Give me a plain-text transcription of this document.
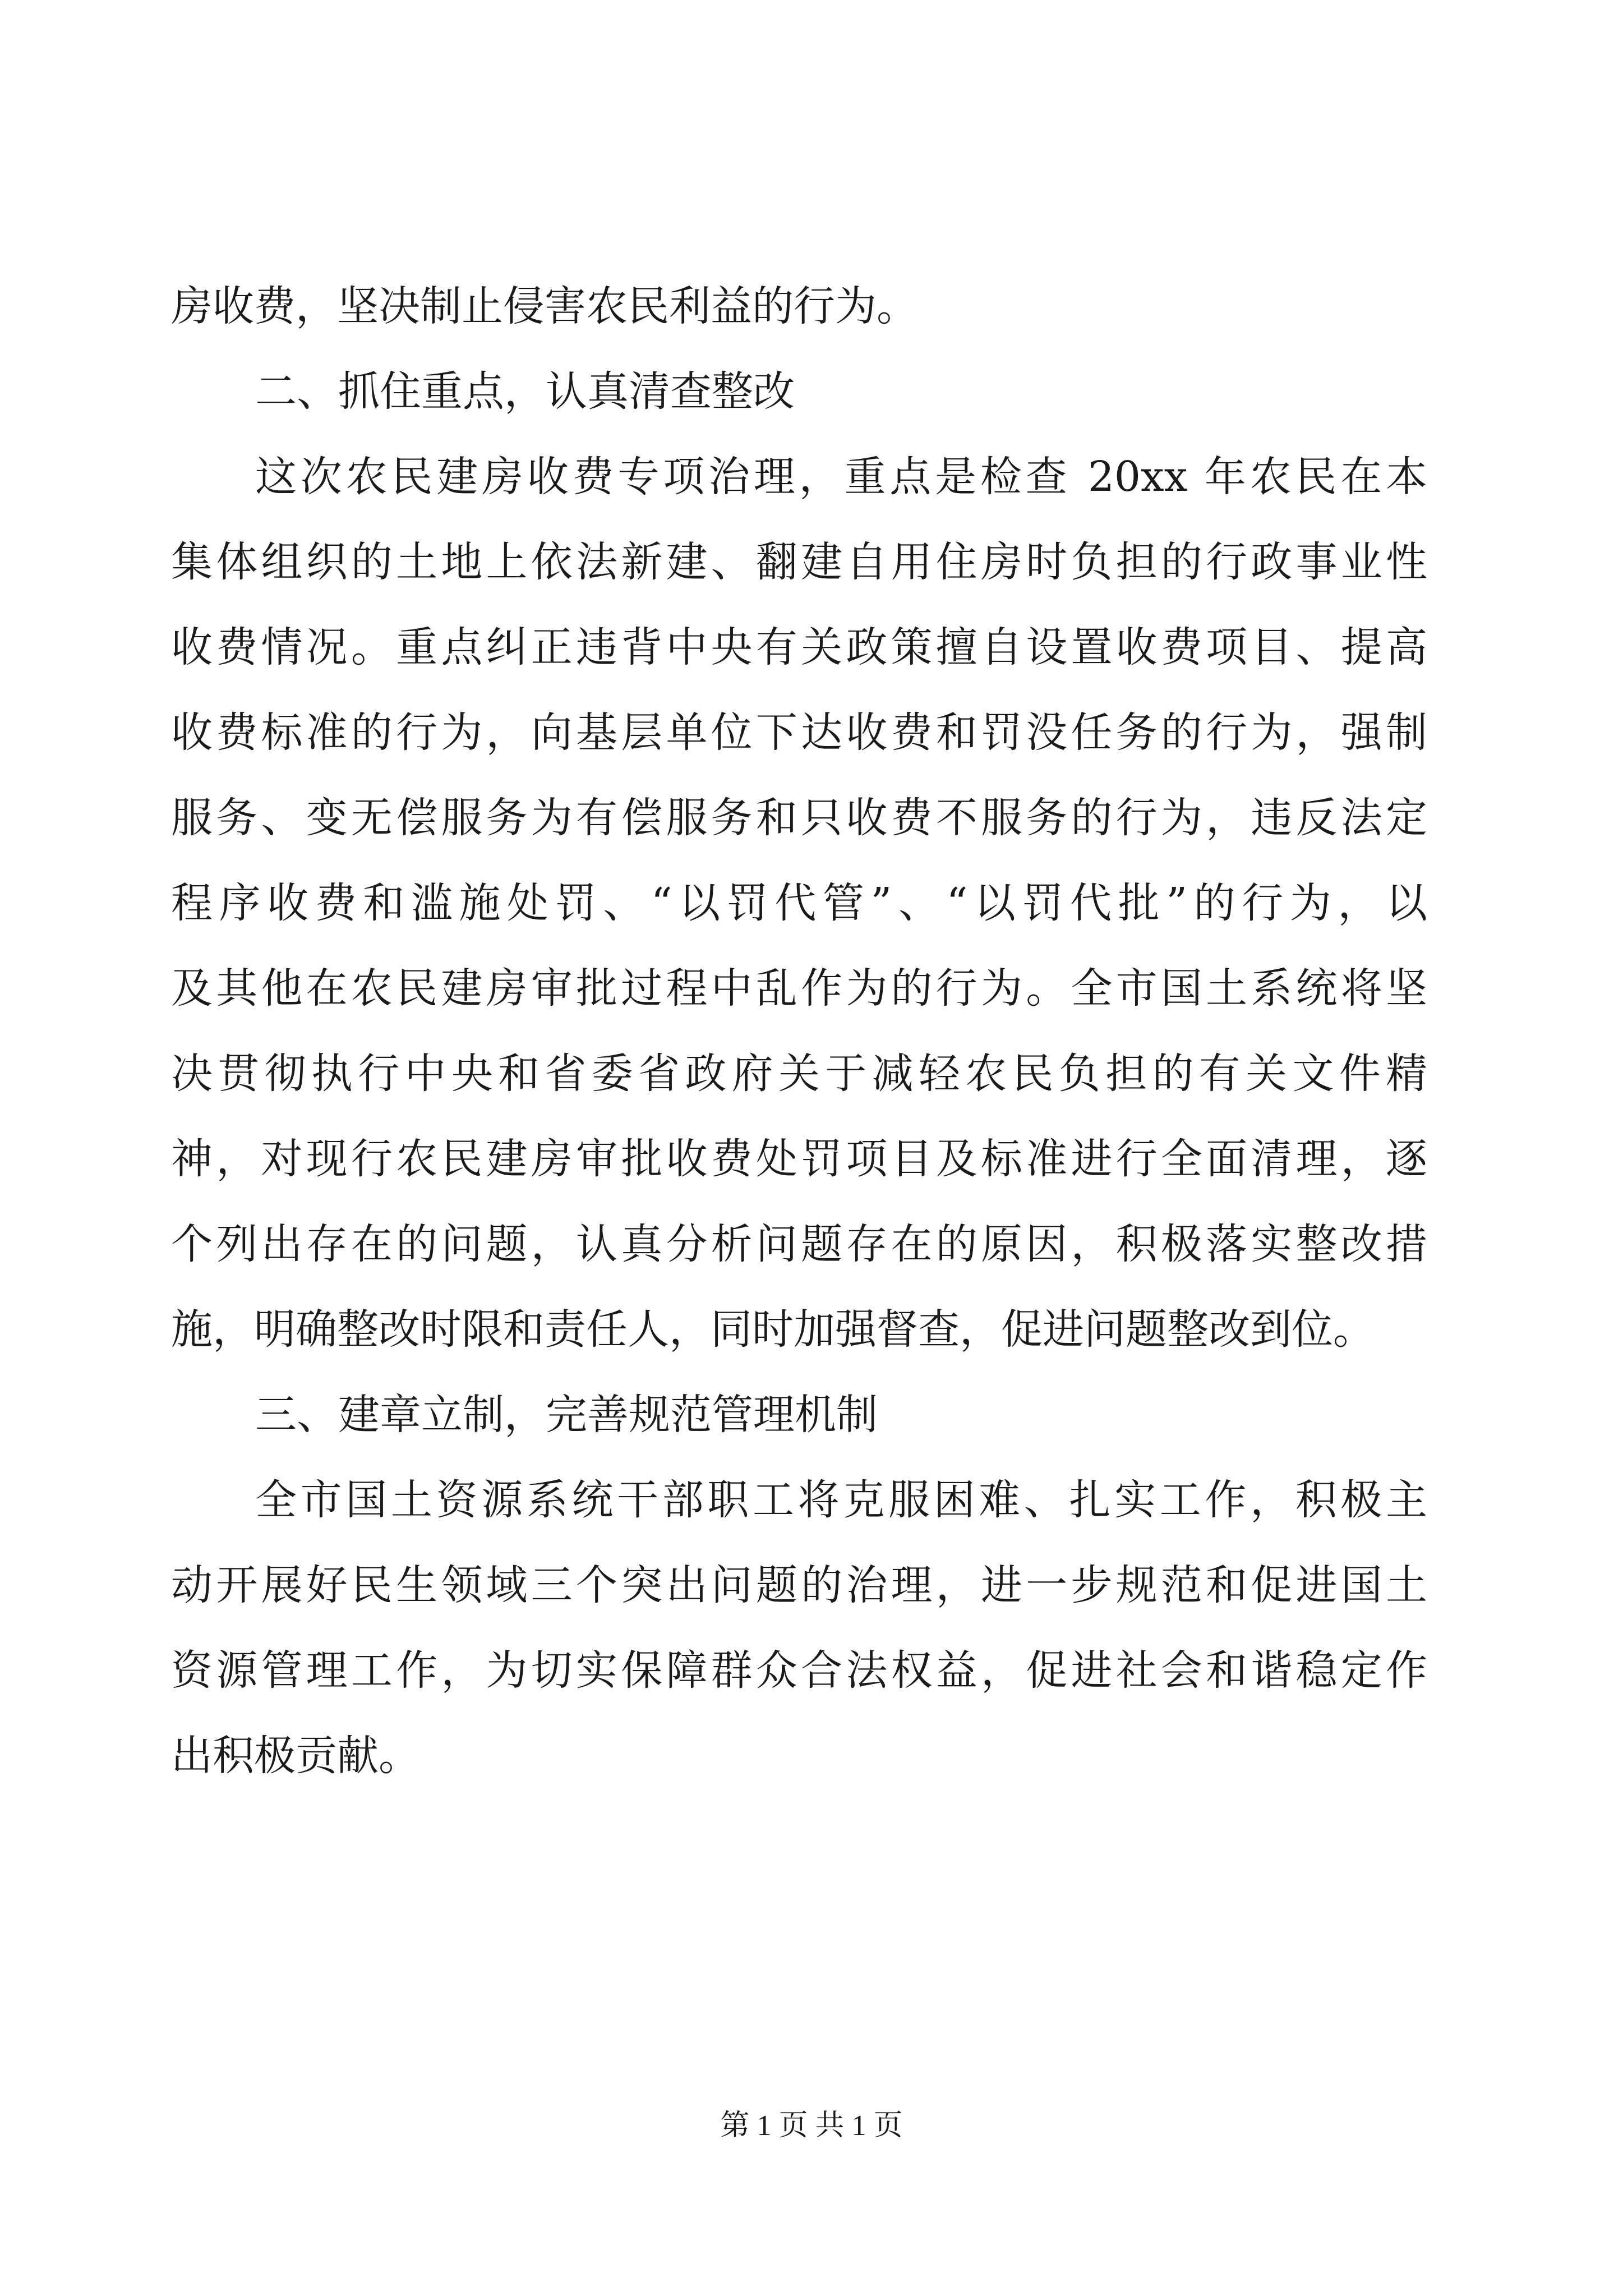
房收费，坚决制止侵害农民利益的行为。
二、抓住重点，认真清查整改
这次农民建房收费专项治理，重点是检查 20xx 年农民在本
集体组织的土地上依法新建、翻建自用住房时负担的行政事业性
收费情况。重点纠正违背中央有关政策擅自设置收费项目、提高
收费标准的行为，向基层单位下达收费和罚没任务的行为，强制
服务、变无偿服务为有偿服务和只收费不服务的行为，违反法定
程序收费和滥施处罚、“以罚代管”、“以罚代批”的行为，以
及其他在农民建房审批过程中乱作为的行为。全市国土系统将坚
决贯彻执行中央和省委省政府关于减轻农民负担的有关文件精
神，对现行农民建房审批收费处罚项目及标准进行全面清理，逐
个列出存在的问题，认真分析问题存在的原因，积极落实整改措
施，明确整改时限和责任人，同时加强督查，促进问题整改到位。
三、建章立制，完善规范管理机制
全市国土资源系统干部职工将克服困难、扎实工作，积极主
动开展好民生领域三个突出问题的治理，进一步规范和促进国土
资源管理工作，为切实保障群众合法权益，促进社会和谐稳定作
出积极贡献。
第 1 页 共 1 页
